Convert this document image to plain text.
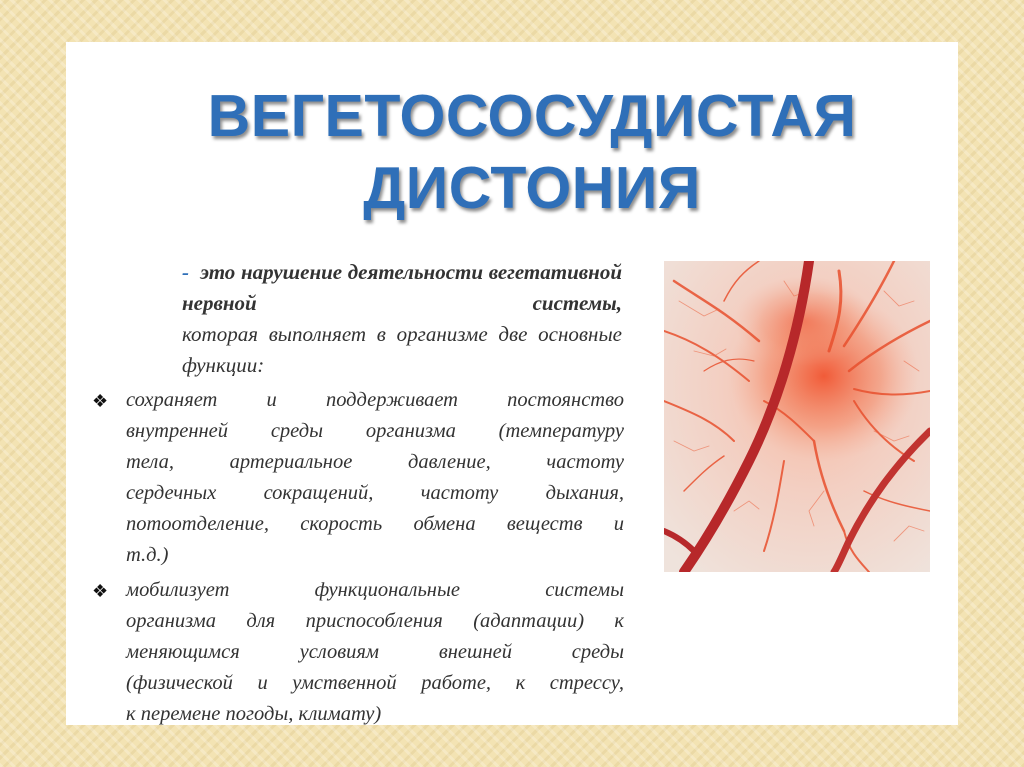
ВЕГЕТОСОСУДИСТАЯ
ДИСТОНИЯ
- это нарушение деятельности вегетативной нервной системы,
которая выполняет в организме две основные функции:
❖ сохраняет и поддерживает постоянство

внутренней среды организма (температуру

тела, артериальное давление, частоту

сердечных сокращений, частоту дыхания,

потоотделение, скорость обмена веществ и

т.д.)

❖ мобилизует функциональные системы

организма для приспособления (адаптации) к

меняющимся условиям внешней среды

(физической и умственной работе, к стрессу,

к перемене погоды, климату)
